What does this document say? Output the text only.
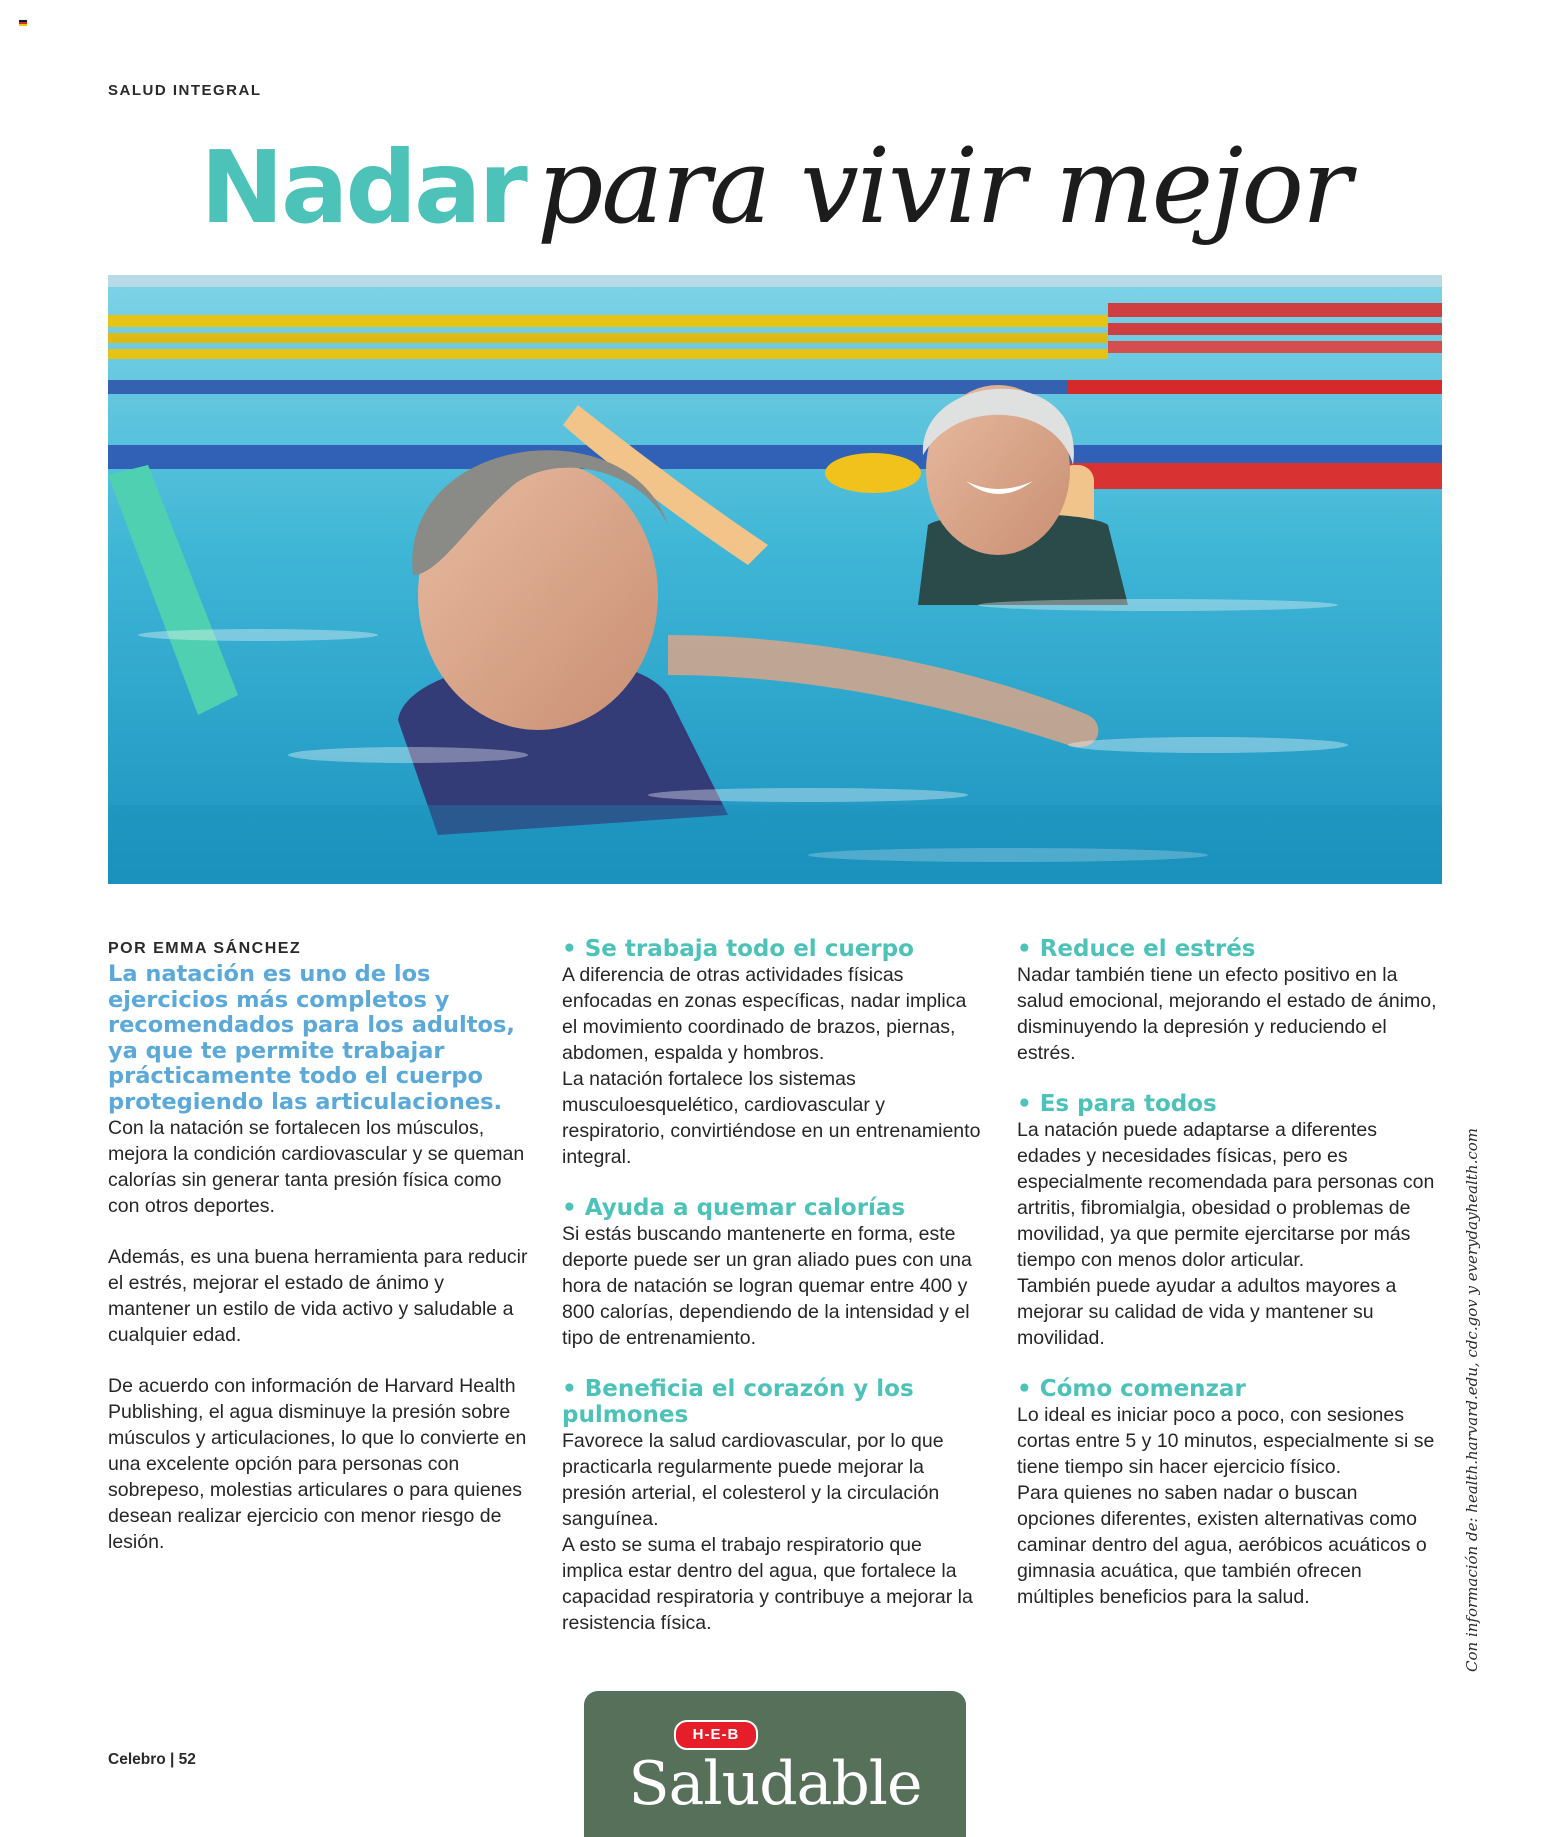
SALUD INTEGRAL
Nadar para vivir mejor

POR EMMA SÁNCHEZ

La natación es uno de los ejercicios más completos y recomendados para los adultos, ya que te permite trabajar prácticamente todo el cuerpo protegiendo las articulaciones.

Con la natación se fortalecen los músculos, mejora la condición cardiovascular y se queman calorías sin generar tanta presión física como con otros deportes.

Además, es una buena herramienta para reducir el estrés, mejorar el estado de ánimo y mantener un estilo de vida activo y saludable a cualquier edad.

De acuerdo con información de Harvard Health Publishing, el agua disminuye la presión sobre músculos y articulaciones, lo que lo convierte en una excelente opción para personas con sobrepeso, molestias articulares o para quienes desean realizar ejercicio con menor riesgo de lesión.

• Se trabaja todo el cuerpo

A diferencia de otras actividades físicas enfocadas en zonas específicas, nadar implica el movimiento coordinado de brazos, piernas, abdomen, espalda y hombros.

La natación fortalece los sistemas musculoesquelético, cardiovascular y respiratorio, convirtiéndose en un entrenamiento integral.

• Ayuda a quemar calorías

Si estás buscando mantenerte en forma, este deporte puede ser un gran aliado pues con una hora de natación se logran quemar entre 400 y 800 calorías, dependiendo de la intensidad y el tipo de entrenamiento.

• Beneficia el corazón y los pulmones

Favorece la salud cardiovascular, por lo que practicarla regularmente puede mejorar la presión arterial, el colesterol y la circulación sanguínea.

A esto se suma el trabajo respiratorio que implica estar dentro del agua, que fortalece la capacidad respiratoria y contribuye a mejorar la resistencia física.

• Reduce el estrés

Nadar también tiene un efecto positivo en la salud emocional, mejorando el estado de ánimo, disminuyendo la depresión y reduciendo el estrés.

• Es para todos

La natación puede adaptarse a diferentes edades y necesidades físicas, pero es especialmente recomendada para personas con artritis, fibromialgia, obesidad o problemas de movilidad, ya que permite ejercitarse por más tiempo con menos dolor articular.

También puede ayudar a adultos mayores a mejorar su calidad de vida y mantener su movilidad.

• Cómo comenzar

Lo ideal es iniciar poco a poco, con sesiones cortas entre 5 y 10 minutos, especialmente si se tiene tiempo sin hacer ejercicio físico.

Para quienes no saben nadar o buscan opciones diferentes, existen alternativas como caminar dentro del agua, aeróbicos acuáticos o gimnasia acuática, que también ofrecen múltiples beneficios para la salud.	Con información de: health.harvard.edu, cdc.gov y everydayhealth.com
Celebro | 52
H-E-B
Saludable
